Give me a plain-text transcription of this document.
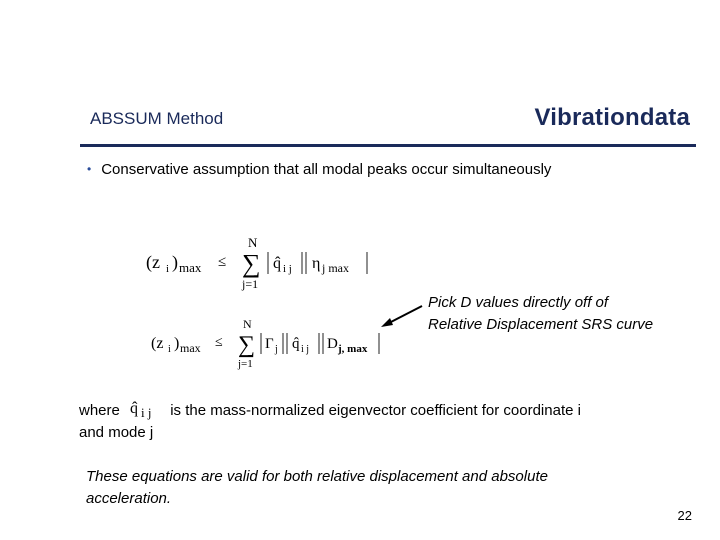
ABSSUM Method	Vibrationdata
• Conservative assumption that all modal peaks occur simultaneously
(z i ) max ≤
N
∑
j=1
q̂ i j η j max
(z i ) max ≤
N
∑
j=1
Γ j q̂ i j D j, max
Pick D values directly off of
Relative Displacement SRS curve
where q̂ i j is the mass-normalized eigenvector coefficient for coordinate i
and mode j
These equations are valid for both relative displacement and absolute
acceleration.
22
